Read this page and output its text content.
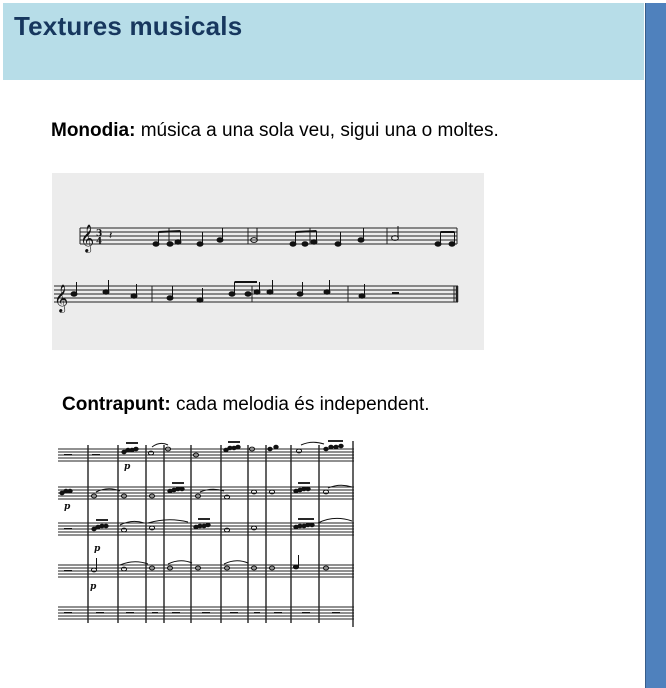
Textures musicals

Monodia: música a una sola veu, sigui una o moltes.

𝄞 3
4 𝄽
𝄞

Contrapunt: cada melodia és independent.

p
p
p
p
